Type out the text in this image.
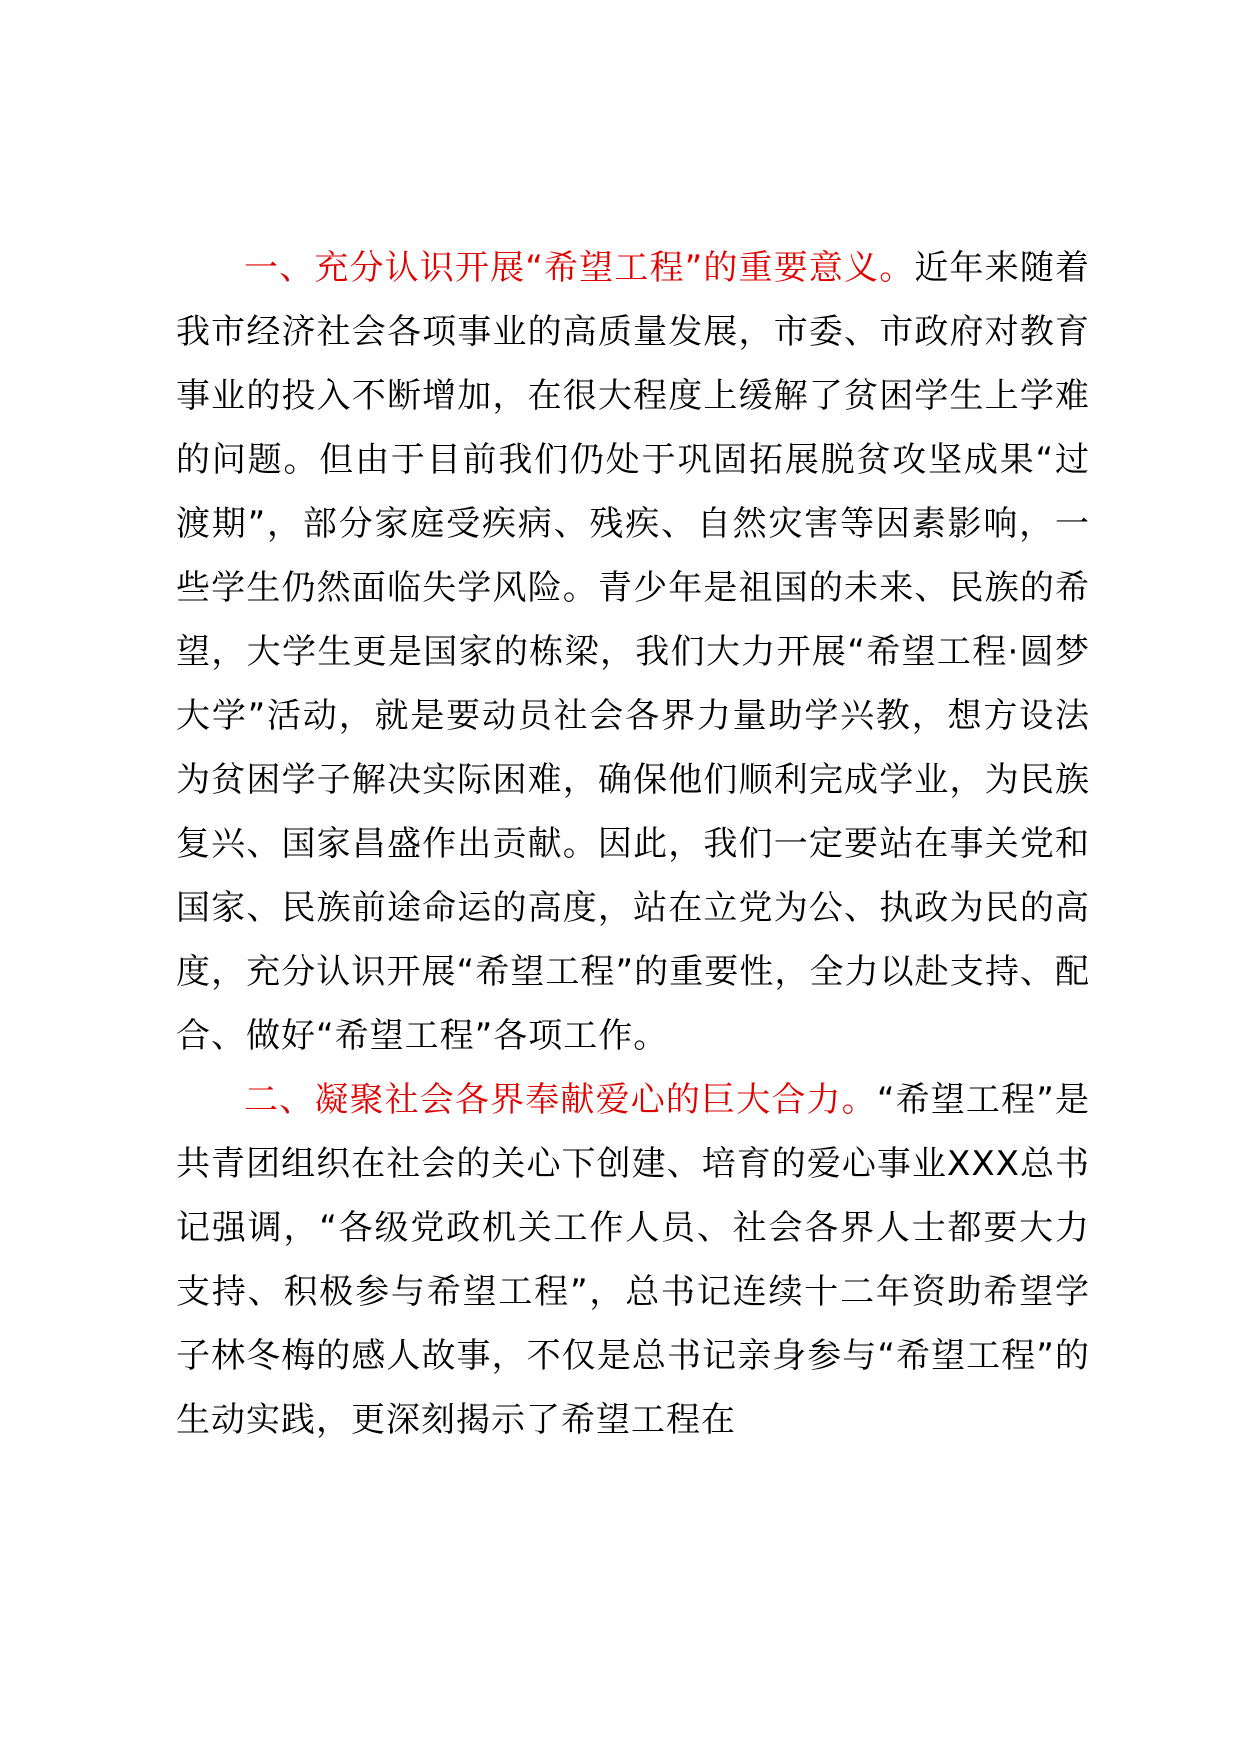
一、充分认识开展“希望工程”的重要意义。近年来随着我市经济社会各项事业的高质量发展，市委、市政府对教育事业的投入不断增加，在很大程度上缓解了贫困学生上学难的问题。但由于目前我们仍处于巩固拓展脱贫攻坚成果“过渡期”，部分家庭受疾病、残疾、自然灾害等因素影响，一些学生仍然面临失学风险。青少年是祖国的未来、民族的希望，大学生更是国家的栋梁，我们大力开展“希望工程·圆梦大学”活动，就是要动员社会各界力量助学兴教，想方设法为贫困学子解决实际困难，确保他们顺利完成学业，为民族复兴、国家昌盛作出贡献。因此，我们一定要站在事关党和国家、民族前途命运的高度，站在立党为公、执政为民的高度，充分认识开展“希望工程”的重要性，全力以赴支持、配合、做好“希望工程”各项工作。

二、凝聚社会各界奉献爱心的巨大合力。“希望工程”是共青团组织在社会的关心下创建、培育的爱心事业XXX总书记强调，“各级党政机关工作人员、社会各界人士都要大力支持、积极参与希望工程”，总书记连续十二年资助希望学子林冬梅的感人故事，不仅是总书记亲身参与“希望工程”的生动实践，更深刻揭示了希望工程在
